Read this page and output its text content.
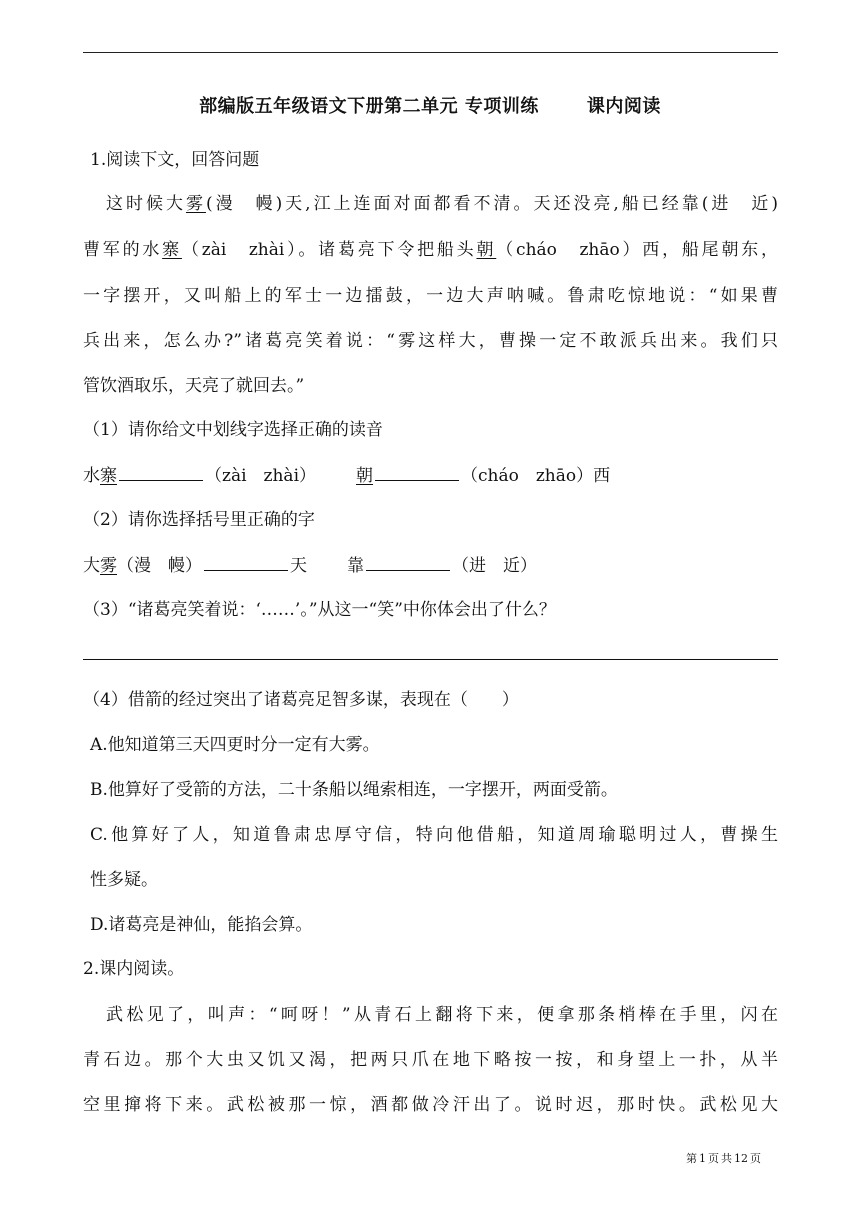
部编版五年级语文下册第二单元 专项训练	课内阅读
1.阅读下文，回答问题
这时候大雾(漫　幔)天,江上连面对面都看不清。天还没亮,船已经靠(进　近)
曹军的水寨（zài　zhài）。诸葛亮下令把船头朝（cháo　zhāo）西，船尾朝东，
一字摆开，又叫船上的军士一边擂鼓，一边大声呐喊。鲁肃吃惊地说：“如果曹
兵出来，怎么办?”诸葛亮笑着说：“雾这样大，曹操一定不敢派兵出来。我们只
管饮酒取乐，天亮了就回去。”
（1）请你给文中划线字选择正确的读音
水寨	（zài　zhài） 朝	（cháo　zhāo）西
（2）请你选择括号里正确的字
大雾（漫　幔）	天 靠	（进　近）
（3）“诸葛亮笑着说：‘……’。”从这一“笑”中你体会出了什么？
（4）借箭的经过突出了诸葛亮足智多谋，表现在（　　）
A.他知道第三天四更时分一定有大雾。
B.他算好了受箭的方法，二十条船以绳索相连，一字摆开，两面受箭。
C.他算好了人，知道鲁肃忠厚守信，特向他借船，知道周瑜聪明过人，曹操生
性多疑。
D.诸葛亮是神仙，能掐会算。
2.课内阅读。
武松见了，叫声：“呵呀！”从青石上翻将下来，便拿那条梢棒在手里，闪在
青石边。那个大虫又饥又渴，把两只爪在地下略按一按，和身望上一扑，从半
空里撺将下来。武松被那一惊，酒都做冷汗出了。说时迟，那时快。武松见大
第 1 页 共 12 页
